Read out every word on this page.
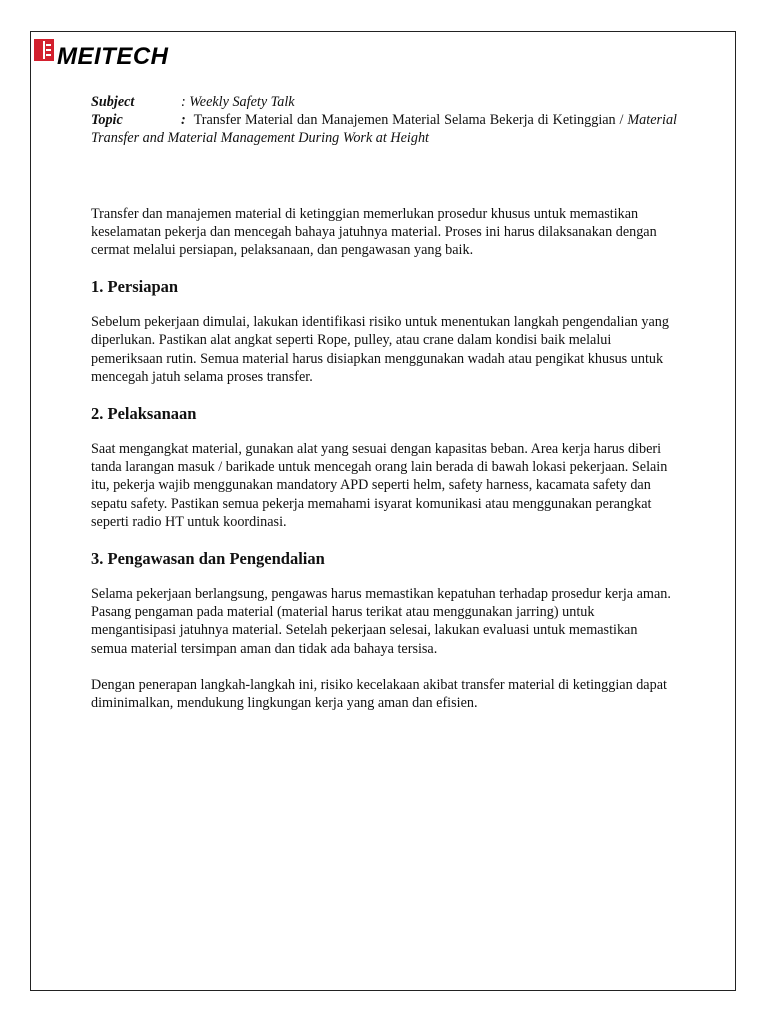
MEITECH
Subject	: Weekly Safety Talk
Topic	: Transfer Material dan Manajemen Material Selama Bekerja di Ketinggian / Material Transfer and Material Management During Work at Height

Transfer dan manajemen material di ketinggian memerlukan prosedur khusus untuk memastikan keselamatan pekerja dan mencegah bahaya jatuhnya material. Proses ini harus dilaksanakan dengan cermat melalui persiapan, pelaksanaan, dan pengawasan yang baik.

1. Persiapan

Sebelum pekerjaan dimulai, lakukan identifikasi risiko untuk menentukan langkah pengendalian yang diperlukan. Pastikan alat angkat seperti Rope, pulley, atau crane dalam kondisi baik melalui pemeriksaan rutin. Semua material harus disiapkan menggunakan wadah atau pengikat khusus untuk mencegah jatuh selama proses transfer.

2. Pelaksanaan

Saat mengangkat material, gunakan alat yang sesuai dengan kapasitas beban. Area kerja harus diberi tanda larangan masuk / barikade untuk mencegah orang lain berada di bawah lokasi pekerjaan. Selain itu, pekerja wajib menggunakan mandatory APD seperti helm, safety harness, kacamata safety dan sepatu safety. Pastikan semua pekerja memahami isyarat komunikasi atau menggunakan perangkat seperti radio HT untuk koordinasi.

3. Pengawasan dan Pengendalian

Selama pekerjaan berlangsung, pengawas harus memastikan kepatuhan terhadap prosedur kerja aman. Pasang pengaman pada material (material harus terikat atau menggunakan jarring) untuk mengantisipasi jatuhnya material. Setelah pekerjaan selesai, lakukan evaluasi untuk memastikan semua material tersimpan aman dan tidak ada bahaya tersisa.

Dengan penerapan langkah-langkah ini, risiko kecelakaan akibat transfer material di ketinggian dapat diminimalkan, mendukung lingkungan kerja yang aman dan efisien.
